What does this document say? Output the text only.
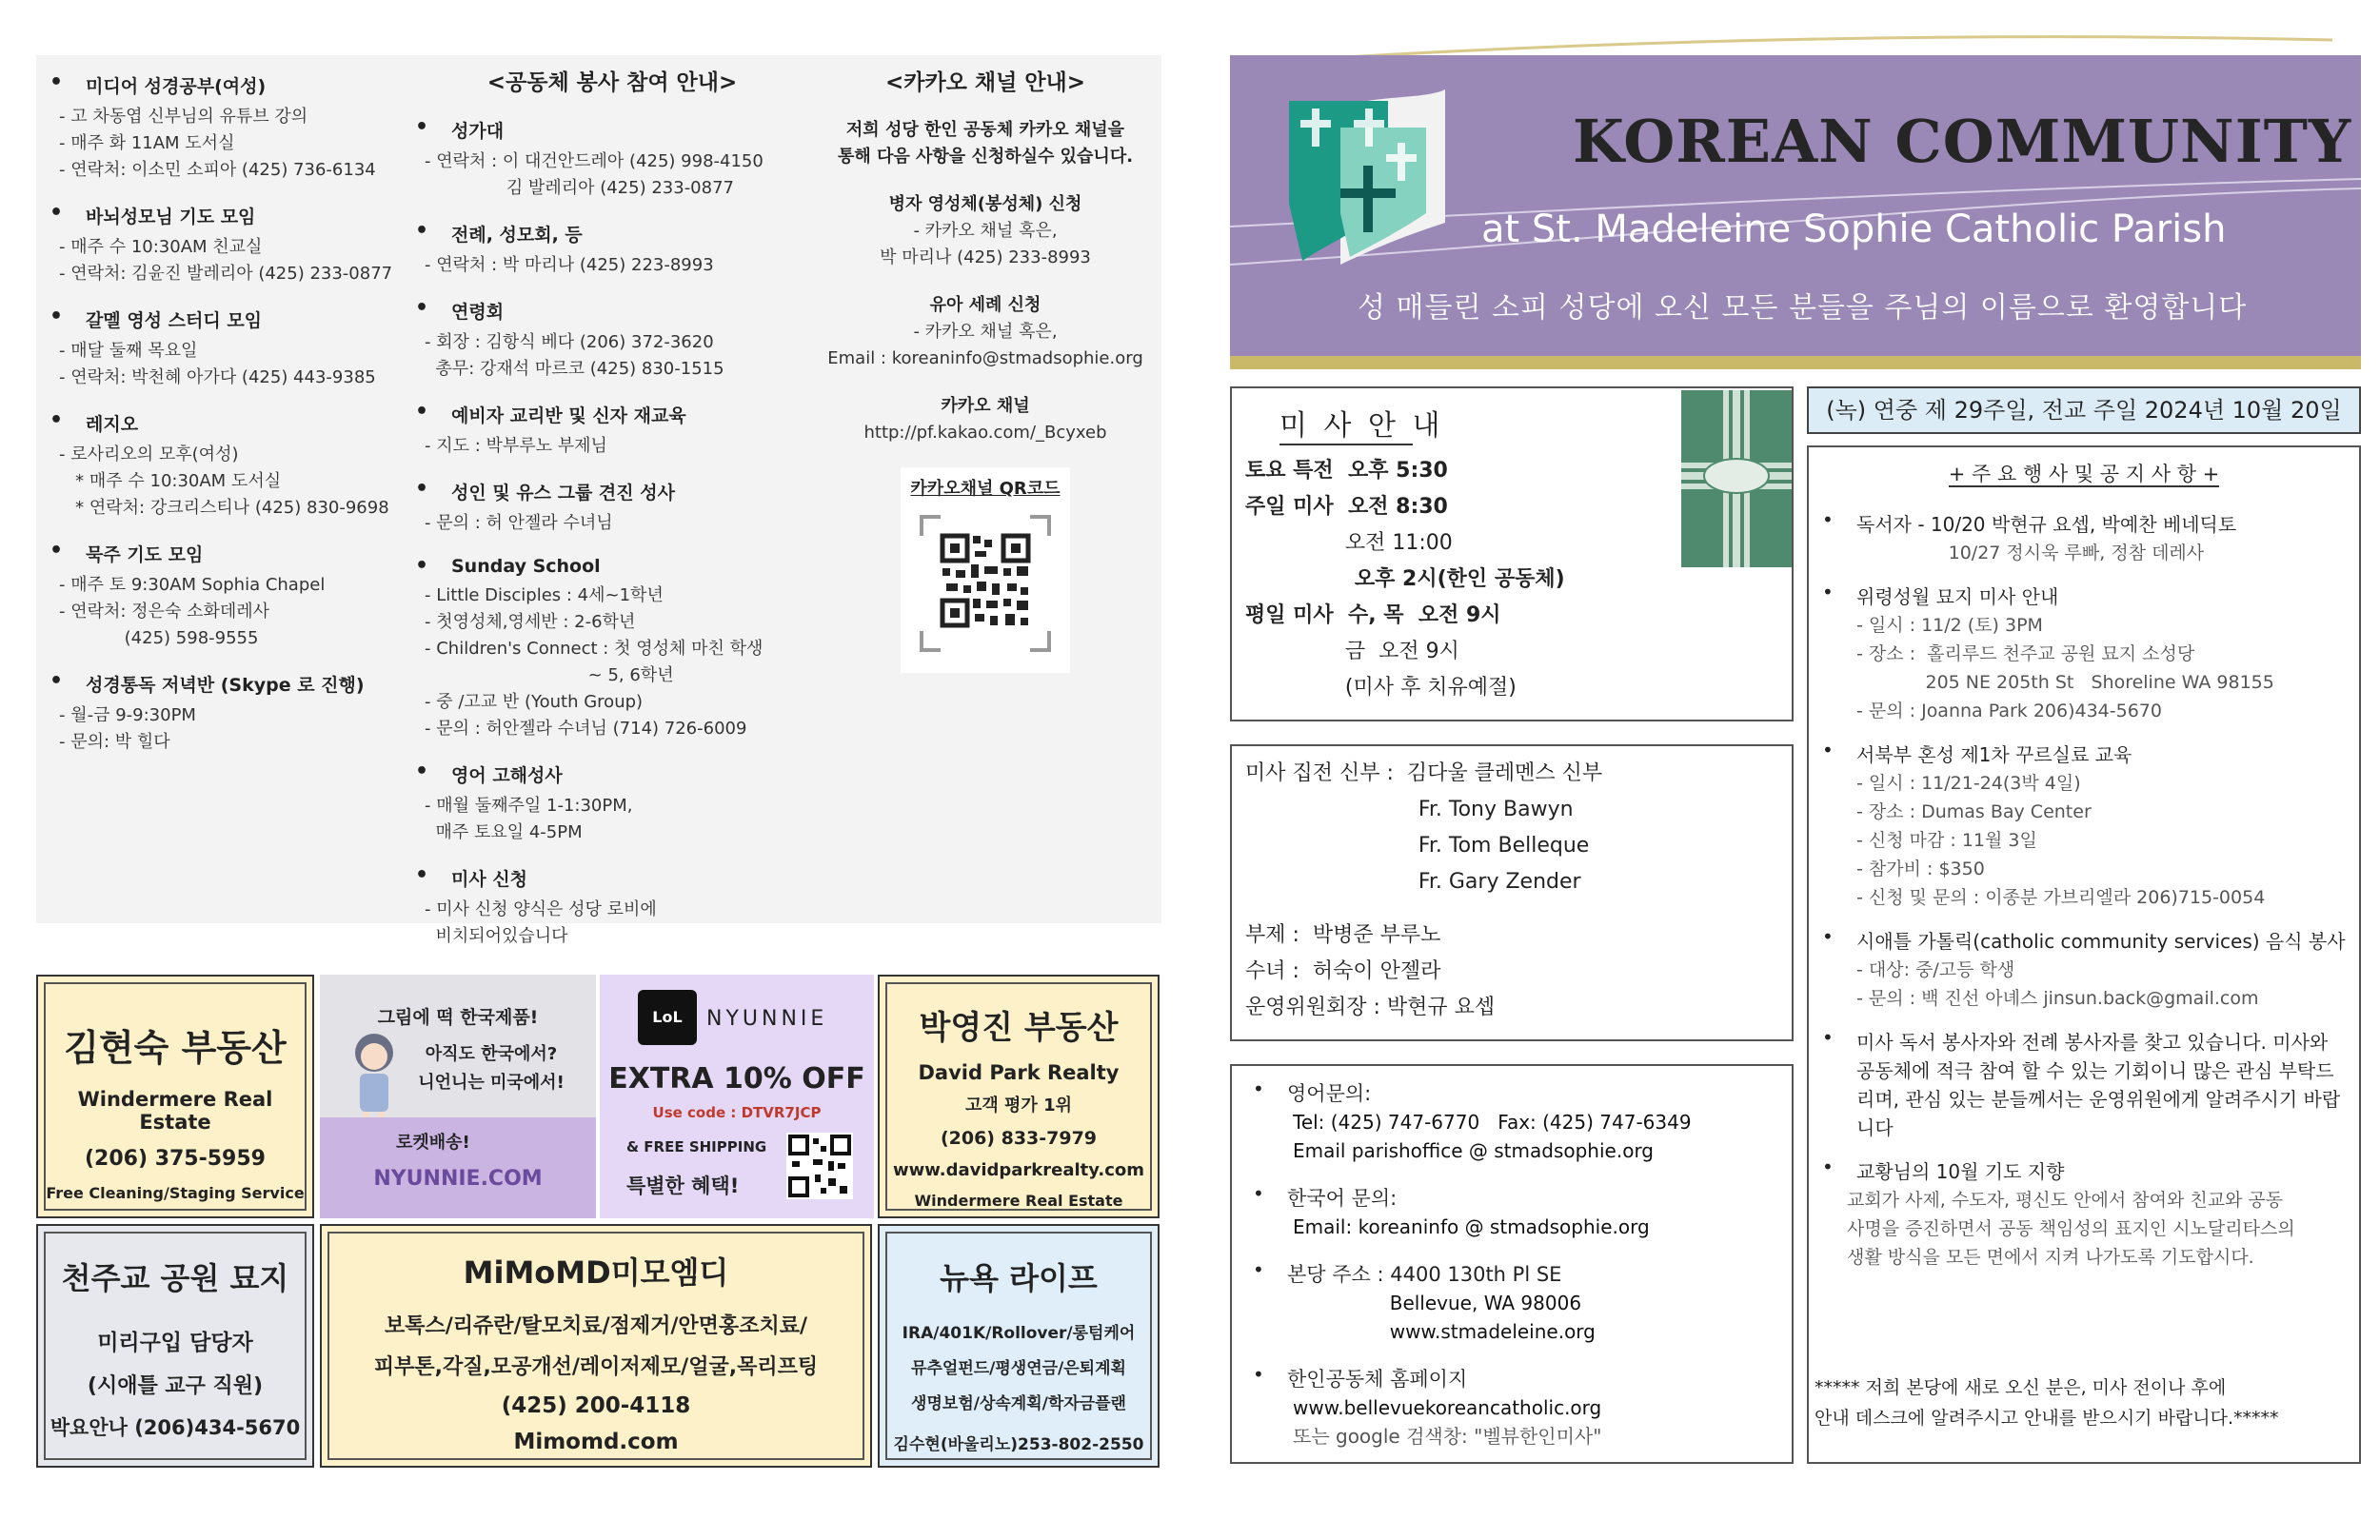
• 미디어 성경공부(여성)
- 고 차동엽 신부님의 유튜브 강의
- 매주 화 11AM 도서실
- 연락처: 이소민 소피아 (425) 736-6134
• 바뇌성모님 기도 모임
- 매주 수 10:30AM 친교실
- 연락처: 김윤진 발레리아 (425) 233-0877
• 갈멜 영성 스터디 모임
- 매달 둘째 목요일
- 연락처: 박천혜 아가다 (425) 443-9385
• 레지오
- 로사리오의 모후(여성)
* 매주 수 10:30AM 도서실
* 연락처: 강크리스티나 (425) 830-9698
• 묵주 기도 모임
- 매주 토 9:30AM Sophia Chapel
- 연락처: 정은숙 소화데레사
(425) 598-9555
• 성경통독 저녁반 (Skype 로 진행)
- 월-금 9-9:30PM
- 문의: 박 힐다
<공동체 봉사 참여 안내>
• 성가대
- 연락처 : 이 대건안드레아 (425) 998-4150
김 발레리아 (425) 233-0877
• 전례, 성모회, 등
- 연락처 : 박 마리나 (425) 223-8993
• 연령회
- 회장 : 김항식 베다 (206) 372-3620
총무: 강재석 마르코 (425) 830-1515
• 예비자 교리반 및 신자 재교육
- 지도 : 박부루노 부제님
• 성인 및 유스 그룹 견진 성사
- 문의 : 허 안젤라 수녀님
• Sunday School
- Little Disciples : 4세~1학년
- 첫영성체,영세반 : 2-6학년
- Children's Connect : 첫 영성체 마친 학생
~ 5, 6학년
- 중 /고교 반 (Youth Group)
- 문의 : 허안젤라 수녀님 (714) 726-6009
• 영어 고해성사
- 매월 둘째주일 1-1:30PM,
매주 토요일 4-5PM
• 미사 신청
- 미사 신청 양식은 성당 로비에
비치되어있습니다
<카카오 채널 안내>
저희 성당 한인 공동체 카카오 채널을
통해 다음 사항을 신청하실수 있습니다.
병자 영성체(봉성체) 신청
- 카카오 채널 혹은,
박 마리나 (425) 233-8993
유아 세례 신청
- 카카오 채널 혹은,
Email : koreaninfo@stmadsophie.org
카카오 채널
http://pf.kakao.com/_Bcyxeb
카카오채널 QR코드
김현숙 부동산
Windermere Real Estate
(206) 375-5959
Free Cleaning/Staging Service
그림에 떡 한국제품!
아직도 한국에서?
니언니는 미국에서!
로켓배송!
NYUNNIE.COM
LoL	NYUNNIE
EXTRA 10% OFF
Use code : DTVR7JCP
& FREE SHIPPING
특별한 혜택!
박영진 부동산
David Park Realty
고객 평가 1위
(206) 833-7979
www.davidparkrealty.com
Windermere Real Estate
천주교 공원 묘지
미리구입 담당자
(시애틀 교구 직원)
박요안나 (206)434-5670
MiMoMD미모엠디
보톡스/리쥬란/탈모치료/점제거/안면홍조치료/
피부톤,각질,모공개선/레이저제모/얼굴,목리프팅
(425) 200-4118
Mimomd.com
뉴욕 라이프
IRA/401K/Rollover/롱텀케어
뮤추얼펀드/평생연금/은퇴계획
생명보험/상속계획/학자금플랜
김수현(바울리노)253-802-2550
KOREAN COMMUNITY
at St. Madeleine Sophie Catholic Parish
성 매들린 소피 성당에 오신 모든 분들을 주님의 이름으로 환영합니다
미 사 안 내
토요 특전  오후 5:30
주일 미사  오전 8:30
오전 11:00
오후 2시(한인 공동체)
평일 미사  수, 목  오전 9시
금  오전 9시
(미사 후 치유예절)
미사 집전 신부 :  김다울 클레멘스 신부
Fr. Tony Bawyn
Fr. Tom Belleque
Fr. Gary Zender
부제 :  박병준 부루노
수녀 :  허숙이 안젤라
운영위원회장 : 박현규 요셉
• 영어문의:
Tel: (425) 747-6770   Fax: (425) 747-6349
Email parishoffice @ stmadsophie.org
• 한국어 문의:
Email: koreaninfo @ stmadsophie.org
• 본당 주소 : 4400 130th Pl SE
Bellevue, WA 98006
www.stmadeleine.org
• 한인공동체 홈페이지
www.bellevuekoreancatholic.org
또는 google 검색창: "벨뷰한인미사"
(녹) 연중 제 29주일, 전교 주일 2024년 10월 20일
+ 주 요 행 사 및 공 지 사 항 +
• 독서자 - 10/20 박현규 요셉, 박예찬 베네딕토
10/27 정시욱 루빠, 정참 데레사
• 위령성월 묘지 미사 안내
- 일시 : 11/2 (토) 3PM
- 장소 :  홀리루드 천주교 공원 묘지 소성당
205 NE 205th St   Shoreline WA 98155
- 문의 : Joanna Park 206)434-5670
• 서북부 혼성 제1차 꾸르실료 교육
- 일시 : 11/21-24(3박 4일)
- 장소 : Dumas Bay Center
- 신청 마감 : 11월 3일
- 참가비 : $350
- 신청 및 문의 : 이종분 가브리엘라 206)715-0054
• 시애틀 가톨릭(catholic community services) 음식 봉사
- 대상: 중/고등 학생
- 문의 : 백 진선 아녜스 jinsun.back@gmail.com
• 미사 독서 봉사자와 전례 봉사자를 찾고 있습니다. 미사와 공동체에 적극 참여 할 수 있는 기회이니 많은 관심 부탁드리며, 관심 있는 분들께서는 운영위원에게 알려주시기 바랍니다
• 교황님의 10월 기도 지향
교회가 사제, 수도자, 평신도 안에서 참여와 친교와 공동
사명을 증진하면서 공동 책임성의 표지인 시노달리타스의
생활 방식을 모든 면에서 지켜 나가도록 기도합시다.
***** 저희 본당에 새로 오신 분은, 미사 전이나 후에
안내 데스크에 알려주시고 안내를 받으시기 바랍니다.*****
